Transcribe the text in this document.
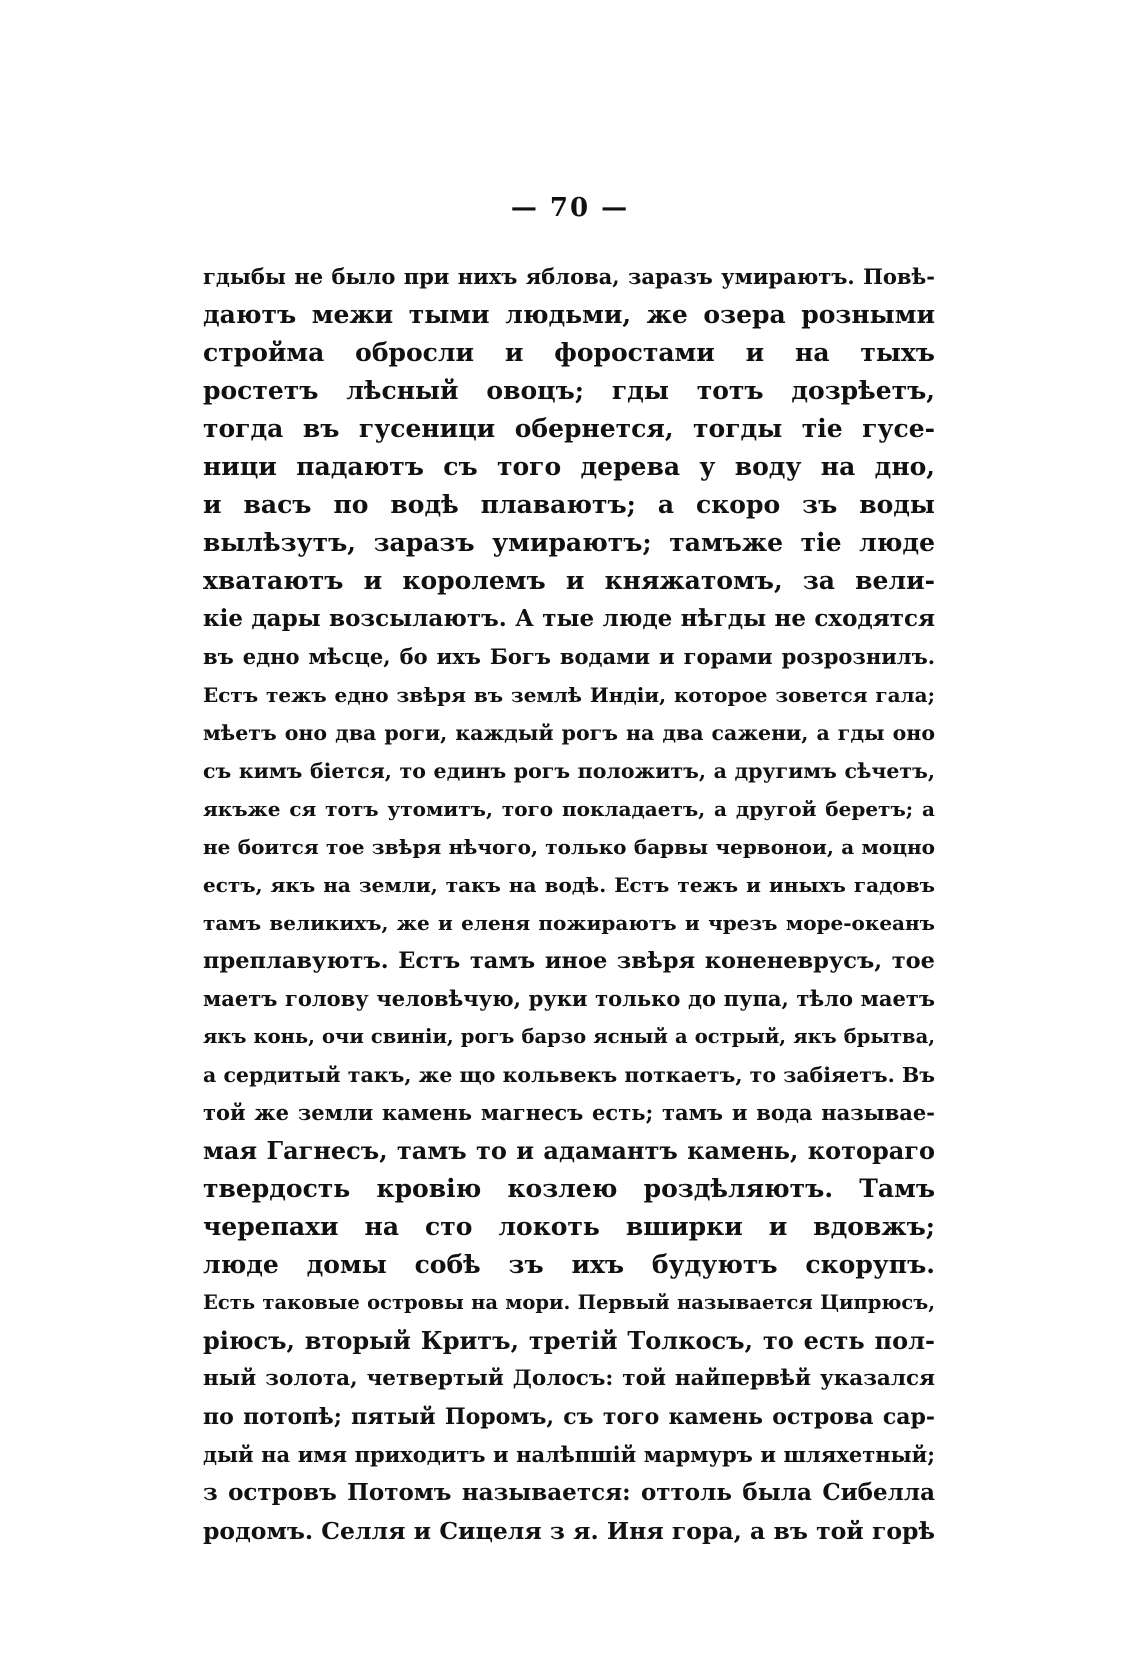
— 70 —
гдыбы не было при нихъ яблова, заразъ умираютъ. Повѣ-
даютъ межи тыми людьми, же озера розными
стройма обросли и форостами и на тыхъ
ростетъ лѣсный овоцъ; гды тотъ дозрѣетъ,
тогда въ гусеници обернется, тогды тіе гусе-
ници падаютъ съ того дерева у воду на дно,
и васъ по водѣ плаваютъ; а скоро зъ воды
вылѣзутъ, заразъ умираютъ; тамъже тіе люде
хватаютъ и королемъ и княжатомъ, за вели-
кіе дары возсылаютъ. А тые люде нѣгды не сходятся
въ едно мѣсце, бо ихъ Богъ водами и горами розрознилъ.
Естъ тежъ едно звѣря въ землѣ Индіи, которое зовется гала;
мѣетъ оно два роги, каждый рогъ на два сажени, а гды оно
съ кимъ біется, то единъ рогъ положитъ, а другимъ сѣчетъ,
якъже ся тотъ утомитъ, того покладаетъ, а другой беретъ; а
не боится тое звѣря нѣчого, только барвы червонои, а моцно
естъ, якъ на земли, такъ на водѣ. Естъ тежъ и иныхъ гадовъ
тамъ великихъ, же и еленя пожираютъ и чрезъ море-океанъ
преплавуютъ. Естъ тамъ иное звѣря коненеврусъ, тое
маетъ голову человѣчую, руки только до пупа, тѣло маетъ
якъ конь, очи свиніи, рогъ барзо ясный а острый, якъ брытва,
а сердитый такъ, же що кольвекъ поткаетъ, то забіяетъ. Въ
той же земли камень магнесъ есть; тамъ и вода называе-
мая Гагнесъ, тамъ то и адамантъ камень, котораго
твердость кровію козлею роздѣляютъ. Тамъ
черепахи на сто локоть вширки и вдовжъ;
люде домы собѣ зъ ихъ будуютъ скорупъ.
Есть таковые островы на мори. Первый называется Ципрюсъ,
ріюсъ, вторый Критъ, третій Толкосъ, то есть пол-
ный золота, четвертый Долосъ: той найпервѣй указался
по потопѣ; пятый Поромъ, съ того камень острова сар-
дый на имя приходитъ и налѣпшій мармуръ и шляхетный;
з островъ Потомъ называется: оттоль была Сибелла
родомъ. Селля и Сицеля з я. Иня гора, а въ той горѣ
